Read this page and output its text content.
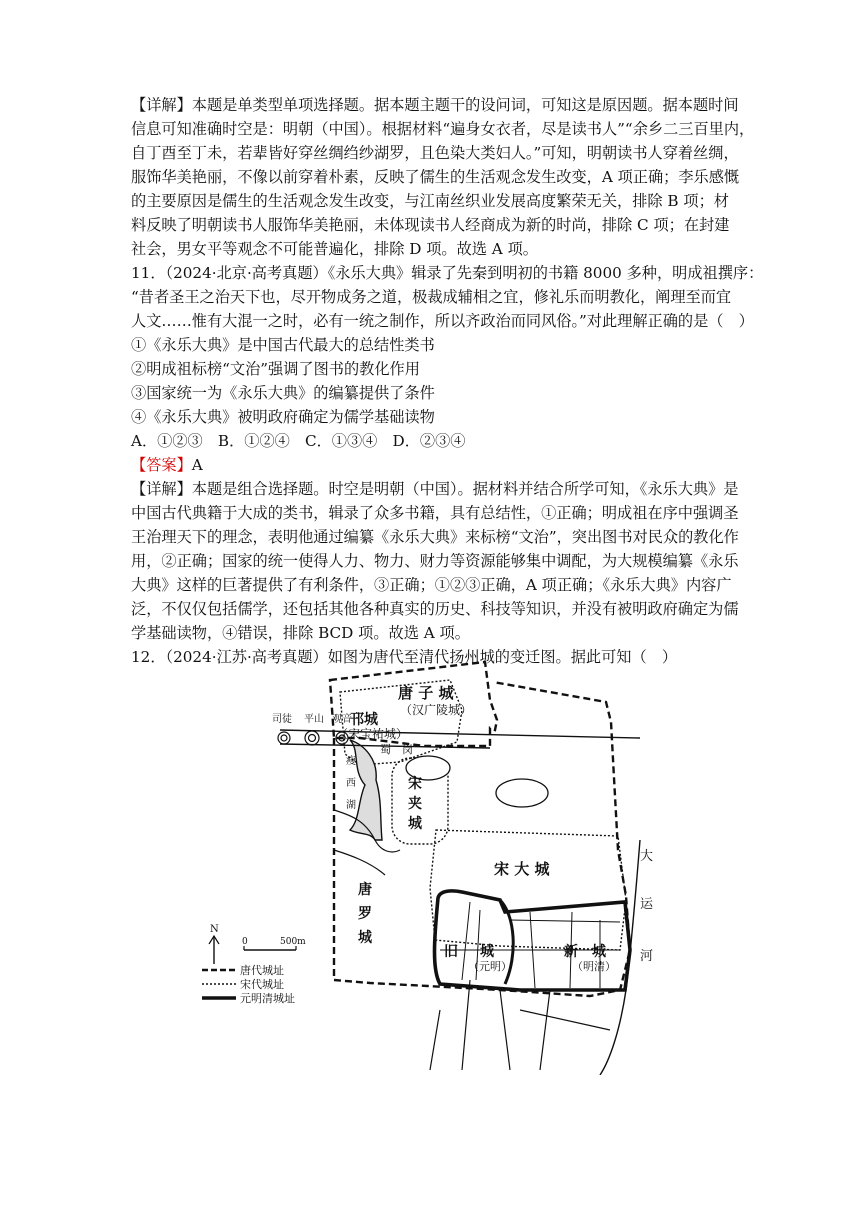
【详解】本题是单类型单项选择题。据本题主题干的设问词，可知这是原因题。据本题时间
信息可知准确时空是：明朝（中国）。根据材料“遍身女衣者，尽是读书人”“余乡二三百里内，
自丁酉至丁未，若辈皆好穿丝绸绉纱湖罗，且色染大类妇人。”可知，明朝读书人穿着丝绸，
服饰华美艳丽，不像以前穿着朴素，反映了儒生的生活观念发生改变，A 项正确；李乐感慨
的主要原因是儒生的生活观念发生改变，与江南丝织业发展高度繁荣无关，排除 B 项；材
料反映了明朝读书人服饰华美艳丽，未体现读书人经商成为新的时尚，排除 C 项；在封建
社会，男女平等观念不可能普遍化，排除 D 项。故选 A 项。
11．（2024·北京·高考真题）《永乐大典》辑录了先秦到明初的书籍 8000 多种，明成祖撰序：
“昔者圣王之治天下也，尽开物成务之道，极裁成辅相之宜，修礼乐而明教化，阐理至而宜
人文……惟有大混一之时，必有一统之制作，所以齐政治而同风俗。”对此理解正确的是（　）
①《永乐大典》是中国古代最大的总结性类书
②明成祖标榜“文治”强调了图书的教化作用
③国家统一为《永乐大典》的编纂提供了条件
④《永乐大典》被明政府确定为儒学基础读物
A．①②③　B．①②④　C．①③④　D．②③④
【答案】A
【详解】本题是组合选择题。时空是明朝（中国）。据材料并结合所学可知，《永乐大典》是
中国古代典籍于大成的类书，辑录了众多书籍，具有总结性，①正确；明成祖在序中强调圣
王治理天下的理念，表明他通过编纂《永乐大典》来标榜“文治”，突出图书对民众的教化作
用，②正确；国家的统一使得人力、物力、财力等资源能够集中调配，为大规模编纂《永乐
大典》这样的巨著提供了有利条件，③正确；①②③正确，A 项正确；《永乐大典》内容广
泛，不仅仅包括儒学，还包括其他各种真实的历史、科技等知识，并没有被明政府确定为儒
学基础读物，④错误，排除 BCD 项。故选 A 项。
12．（2024·江苏·高考真题）如图为唐代至清代扬州城的变迁图。据此可知（　）
唐 子 城
（汉广陵城）
邗城
（宋宝祐城）
司徒 平山 观音
蜀　岗
瘦
西
湖
宋
夹
城
宋 大 城
唐
罗
城
旧 城
（元明）
新 城
（明清）
大
运
河
N
0	500m
唐代城址
宋代城址
元明清城址
